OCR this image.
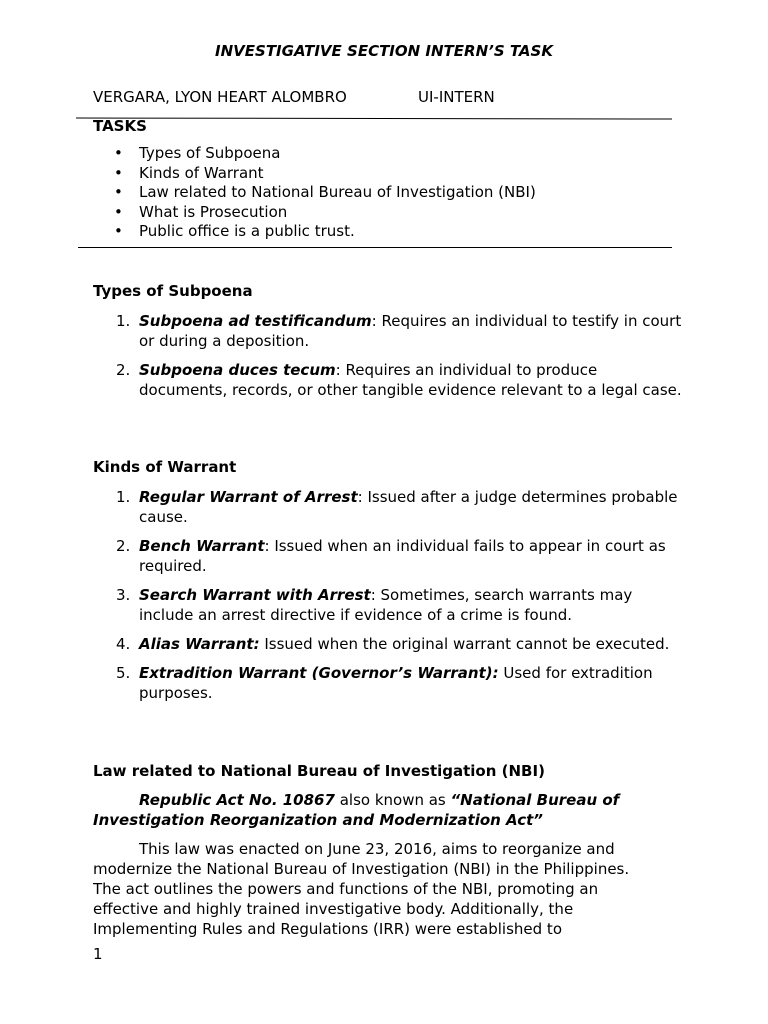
INVESTIGATIVE SECTION INTERN’S TASK
VERGARA, LYON HEART ALOMBRO	UI-INTERN
TASKS
• Types of Subpoena
• Kinds of Warrant
• Law related to National Bureau of Investigation (NBI)
• What is Prosecution
• Public office is a public trust.
Types of Subpoena
1. Subpoena ad testificandum: Requires an individual to testify in court or during a deposition.
2. Subpoena duces tecum: Requires an individual to produce documents, records, or other tangible evidence relevant to a legal case.
Kinds of Warrant
1. Regular Warrant of Arrest: Issued after a judge determines probable cause.
2. Bench Warrant: Issued when an individual fails to appear in court as required.
3. Search Warrant with Arrest: Sometimes, search warrants may include an arrest directive if evidence of a crime is found.
4. Alias Warrant: Issued when the original warrant cannot be executed.
5. Extradition Warrant (Governor’s Warrant): Used for extradition purposes.
Law related to National Bureau of Investigation (NBI)

Republic Act No. 10867 also known as “National Bureau of Investigation Reorganization and Modernization Act”

This law was enacted on June 23, 2016, aims to reorganize and modernize the National Bureau of Investigation (NBI) in the Philippines. The act outlines the powers and functions of the NBI, promoting an effective and highly trained investigative body. Additionally, the Implementing Rules and Regulations (IRR) were established to

1
